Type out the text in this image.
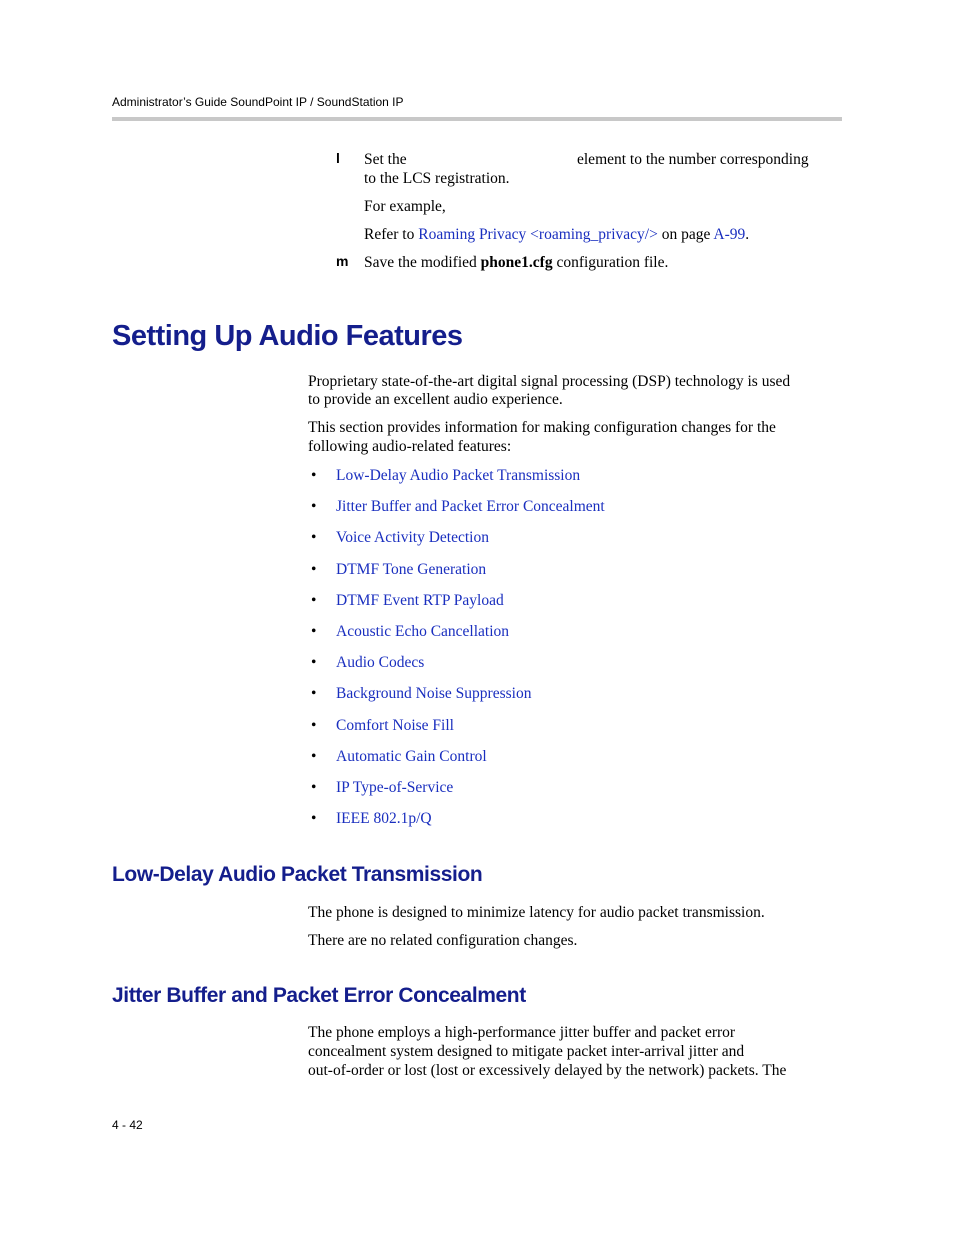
Administrator’s Guide SoundPoint IP / SoundStation IP
l Set the	element to the number corresponding
to the LCS registration.
For example,
Refer to Roaming Privacy <roaming_privacy/> on page A-99.
m Save the modified phone1.cfg configuration file.
Setting Up Audio Features
Proprietary state-of-the-art digital signal processing (DSP) technology is used
to provide an excellent audio experience.
This section provides information for making configuration changes for the
following audio-related features:
• Low-Delay Audio Packet Transmission
• Jitter Buffer and Packet Error Concealment
• Voice Activity Detection
• DTMF Tone Generation
• DTMF Event RTP Payload
• Acoustic Echo Cancellation
• Audio Codecs
• Background Noise Suppression
• Comfort Noise Fill
• Automatic Gain Control
• IP Type-of-Service
• IEEE 802.1p/Q
Low-Delay Audio Packet Transmission
The phone is designed to minimize latency for audio packet transmission.
There are no related configuration changes.
Jitter Buffer and Packet Error Concealment
The phone employs a high-performance jitter buffer and packet error
concealment system designed to mitigate packet inter-arrival jitter and
out-of-order or lost (lost or excessively delayed by the network) packets. The
4 - 42
